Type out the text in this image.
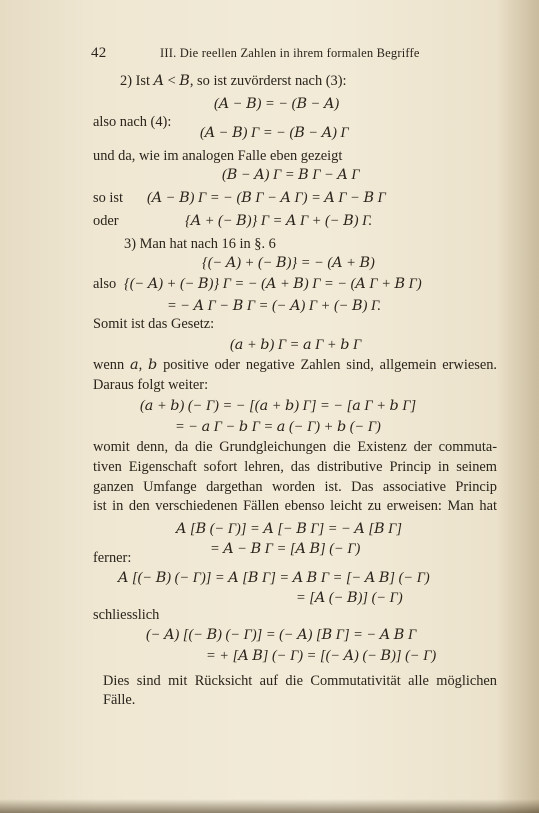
42	III. Die reellen Zahlen in ihrem formalen Begriffe
2) Ist 𝐴 < 𝐵, so ist zuvörderst nach (3):
(𝐴 − 𝐵) = − (𝐵 − 𝐴)
also nach (4):
(𝐴 − 𝐵) Γ = − (𝐵 − 𝐴) Γ
und da, wie im analogen Falle eben gezeigt
(𝐵 − 𝐴) Γ = 𝐵 Γ − 𝐴 Γ
so ist (𝐴 − 𝐵) Γ = − (𝐵 Γ − 𝐴 Γ) = 𝐴 Γ − 𝐵 Γ
oder	{𝐴 + (− 𝐵)} Γ = 𝐴 Γ + (− 𝐵) Γ.
3) Man hat nach 16 in §. 6
{(− 𝐴) + (− 𝐵)} = − (𝐴 + 𝐵)
also {(− 𝐴) + (− 𝐵)} Γ = − (𝐴 + 𝐵) Γ = − (𝐴 Γ + 𝐵 Γ)
= − 𝐴 Γ − 𝐵 Γ = (− 𝐴) Γ + (− 𝐵) Γ.
Somit ist das Gesetz:
(𝑎 + 𝑏) Γ = 𝑎 Γ + 𝑏 Γ
wenn 𝑎, 𝑏 positive oder negative Zahlen sind, allgemein erwiesen.
Daraus folgt weiter:
(𝑎 + 𝑏) (− Γ) = − [(𝑎 + 𝑏) Γ] = − [𝑎 Γ + 𝑏 Γ]
= − 𝑎 Γ − 𝑏 Γ = 𝑎 (− Γ) + 𝑏 (− Γ)
womit denn, da die Grundgleichungen die Existenz der commuta-
tiven Eigenschaft sofort lehren, das distributive Princip in seinem
ganzen Umfange dargethan worden ist. Das associative Princip
ist in den verschiedenen Fällen ebenso leicht zu erweisen: Man hat
𝐴 [𝐵 (− Γ)] = 𝐴 [− 𝐵 Γ] = − 𝐴 [𝐵 Γ]
= 𝐴 − 𝐵 Γ = [𝐴 𝐵] (− Γ)
ferner:
𝐴 [(− 𝐵) (− Γ)] = 𝐴 [𝐵 Γ] = 𝐴 𝐵 Γ = [− 𝐴 𝐵] (− Γ)
= [𝐴 (− 𝐵)] (− Γ)
schliesslich
(− 𝐴) [(− 𝐵) (− Γ)] = (− 𝐴) [𝐵 Γ] = − 𝐴 𝐵 Γ
= + [𝐴 𝐵] (− Γ) = [(− 𝐴) (− 𝐵)] (− Γ)
Dies sind mit Rücksicht auf die Commutativität alle möglichen
Fälle.
